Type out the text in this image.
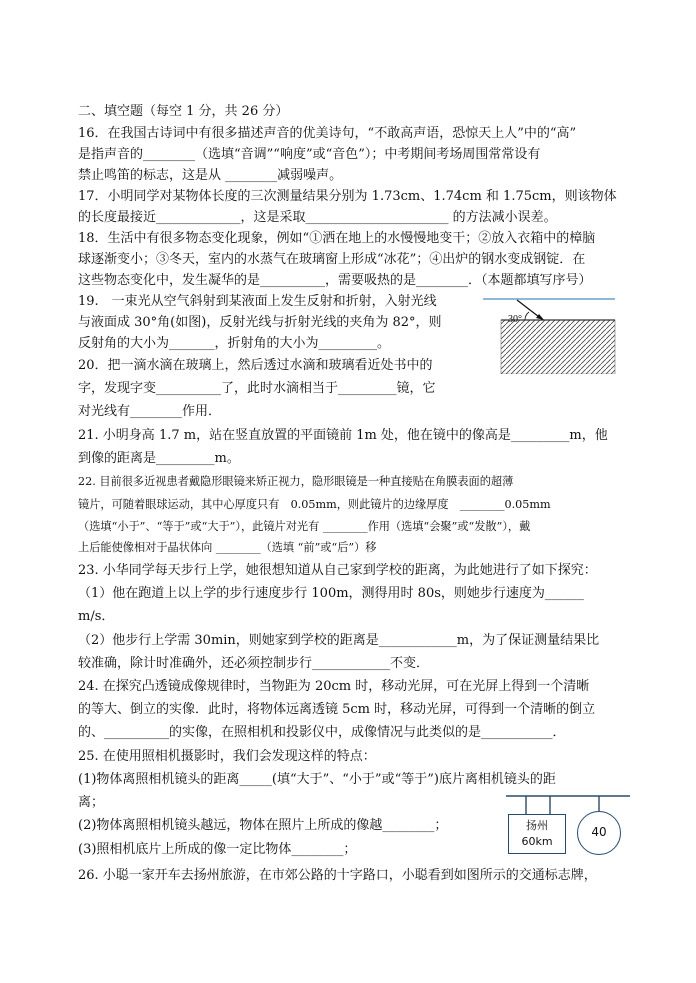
二、填空题（每空 1 分，共 26 分）
16．在我国古诗词中有很多描述声音的优美诗句，“不敢高声语，恐惊天上人”中的“高”
是指声音的________（选填“音调”“响度”或“音色”）；中考期间考场周围常常设有
禁止鸣笛的标志，这是从 ________减弱噪声。
17．小明同学对某物体长度的三次测量结果分别为 1.73cm、1.74cm 和 1.75cm，则该物体
的长度最接近_____________，这是采取______________________ 的方法减小误差。
18．生活中有很多物态变化现象，例如“①洒在地上的水慢慢地变干；②放入衣箱中的樟脑
球逐渐变小；③冬天，室内的水蒸气在玻璃窗上形成“冰花”；④出炉的钢水变成钢锭．在
这些物态变化中，发生凝华的是__________，需要吸热的是________．（本题都填写序号）
19.　一束光从空气斜射到某液面上发生反射和折射，入射光线
与液面成 30°角(如图)，反射光线与折射光线的夹角为 82°，则
反射角的大小为_______，折射角的大小为_________。
20．把一滴水滴在玻璃上，然后透过水滴和玻璃看近处书中的
字，发现字变__________了，此时水滴相当于_________镜，它
对光线有________作用．
21. 小明身高 1.7 m，站在竖直放置的平面镜前 1m 处，他在镜中的像高是_________m，他
到像的距离是_________m。
22. 目前很多近视患者戴隐形眼镜来矫正视力，隐形眼镜是一种直接贴在角膜表面的超薄
镜片，可随着眼球运动，其中心厚度只有　0.05mm，则此镜片的边缘厚度　________0.05mm
（选填“小于”、“等于”或“大于”），此镜片对光有 ________作用（选填“会聚”或“发散”），戴
上后能使像相对于晶状体向 ________（选填 “前”或“后”）移
23. 小华同学每天步行上学，她很想知道从自己家到学校的距离，为此她进行了如下探究：
（1）他在跑道上以上学的步行速度步行 100m，测得用时 80s，则她步行速度为______
m/s．
（2）他步行上学需 30min，则她家到学校的距离是____________m，为了保证测量结果比
较准确，除计时准确外，还必须控制步行____________不变．
24. 在探究凸透镜成像规律时，当物距为 20cm 时，移动光屏，可在光屏上得到一个清晰
的等大、倒立的实像．此时，将物体远离透镜 5cm 时，移动光屏，可得到一个清晰的倒立
的、__________的实像，在照相机和投影仪中，成像情况与此类似的是___________．
25. 在使用照相机摄影时，我们会发现这样的特点：
(1)物体离照相机镜头的距离_____(填“大于”、“小于”或“等于”)底片离相机镜头的距
离；
(2)物体离照相机镜头越远，物体在照片上所成的像越________；
(3)照相机底片上所成的像一定比物体________；
26. 小聪一家开车去扬州旅游，在市郊公路的十字路口，小聪看到如图所示的交通标志牌，
30°
扬州
60km
40
